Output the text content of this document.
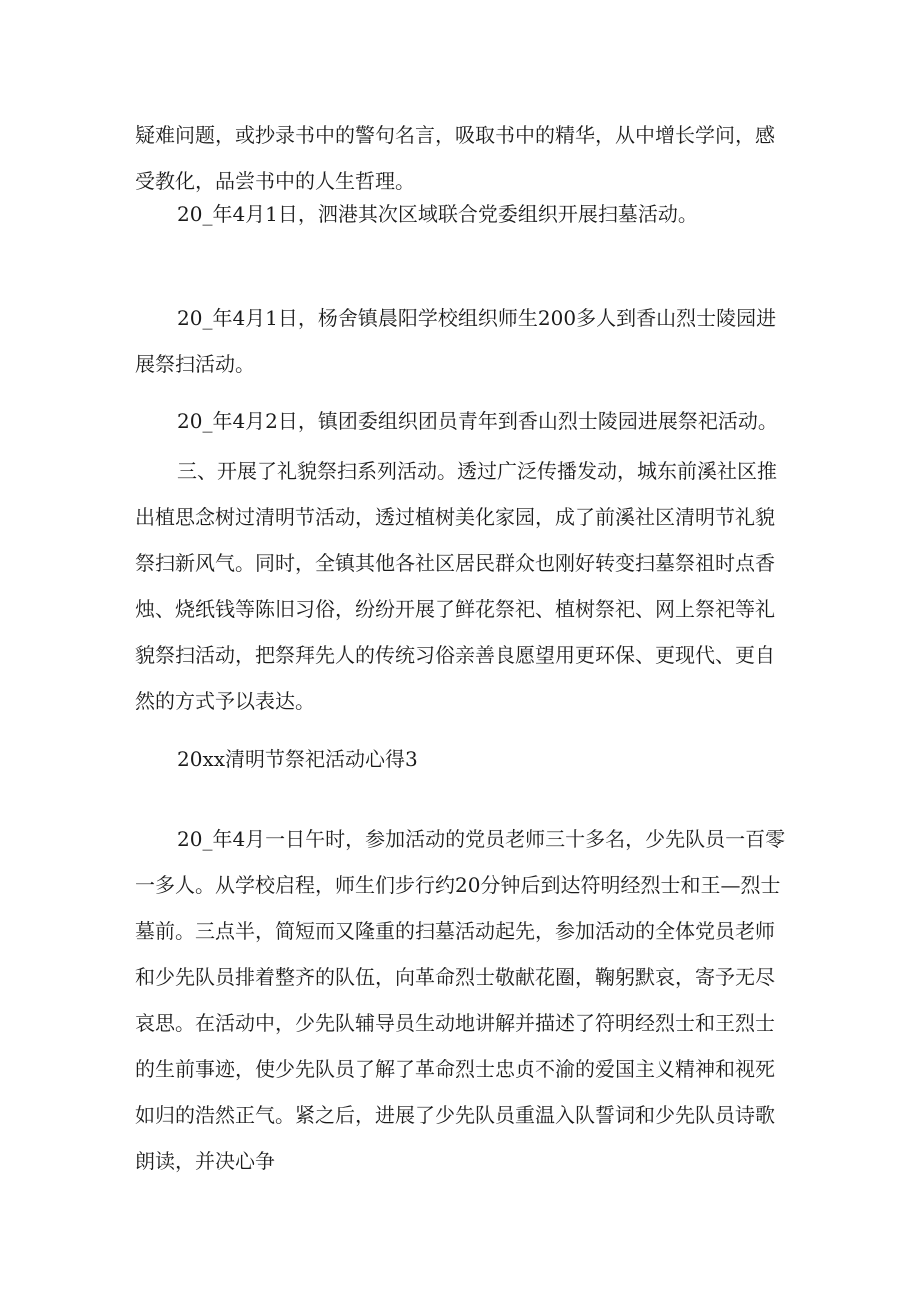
疑难问题，或抄录书中的警句名言，吸取书中的精华，从中增长学问，感受教化，品尝书中的人生哲理。

20_年4月1日，泗港其次区域联合党委组织开展扫墓活动。

20_年4月1日，杨舍镇晨阳学校组织师生200多人到香山烈士陵园进展祭扫活动。

20_年4月2日，镇团委组织团员青年到香山烈士陵园进展祭祀活动。

三、开展了礼貌祭扫系列活动。透过广泛传播发动，城东前溪社区推出植思念树过清明节活动，透过植树美化家园，成了前溪社区清明节礼貌祭扫新风气。同时，全镇其他各社区居民群众也刚好转变扫墓祭祖时点香烛、烧纸钱等陈旧习俗，纷纷开展了鲜花祭祀、植树祭祀、网上祭祀等礼貌祭扫活动，把祭拜先人的传统习俗亲善良愿望用更环保、更现代、更自然的方式予以表达。

20xx清明节祭祀活动心得3

20_年4月一日午时，参加活动的党员老师三十多名，少先队员一百零一多人。从学校启程，师生们步行约20分钟后到达符明经烈士和王—烈士墓前。三点半，简短而又隆重的扫墓活动起先，参加活动的全体党员老师和少先队员排着整齐的队伍，向革命烈士敬献花圈，鞠躬默哀，寄予无尽哀思。在活动中，少先队辅导员生动地讲解并描述了符明经烈士和王烈士的生前事迹，使少先队员了解了革命烈士忠贞不渝的爱国主义精神和视死如归的浩然正气。紧之后，进展了少先队员重温入队誓词和少先队员诗歌朗读，并决心争
